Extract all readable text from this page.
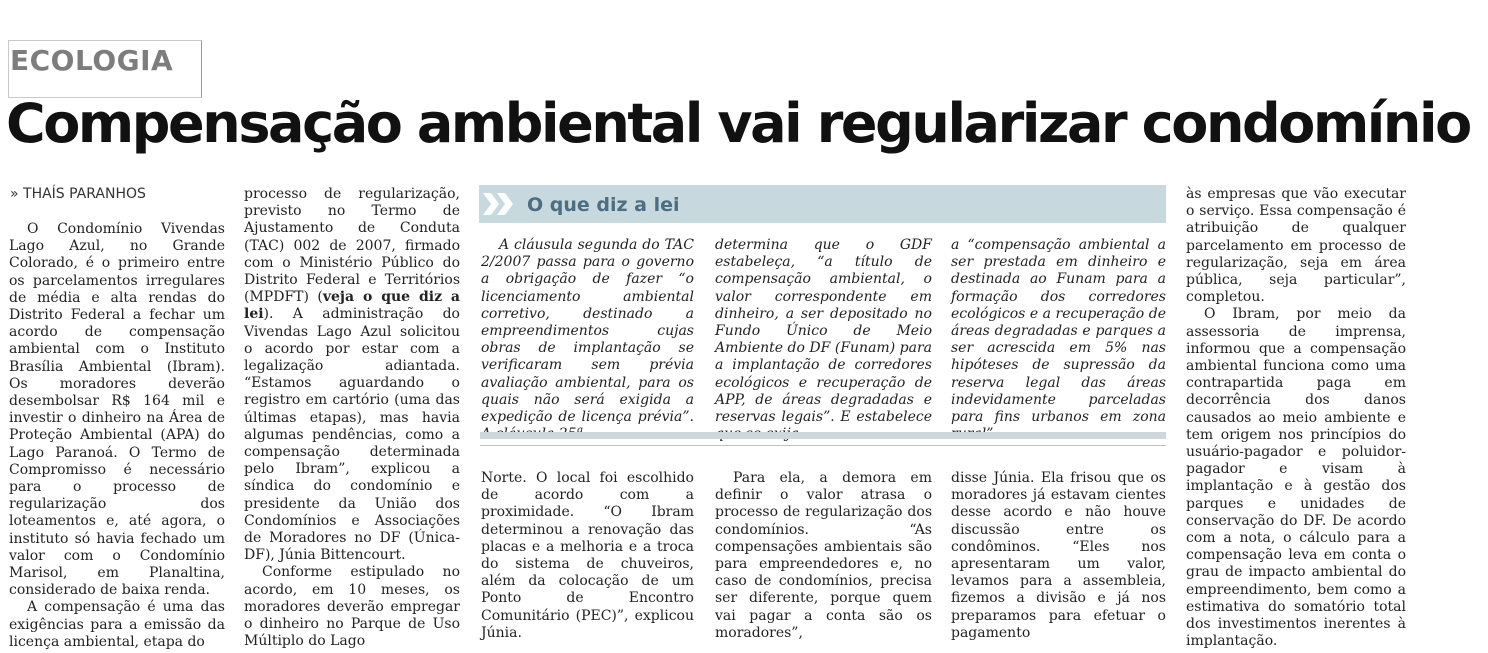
ECOLOGIA
Compensação ambiental vai regularizar condomínio
» THAÍS PARANHOS

O Condomínio Vivendas Lago Azul, no Grande Colorado, é o primeiro entre os parcelamentos irregulares de média e alta rendas do Distrito Federal a fechar um acordo de compensação ambiental com o Instituto Brasília Ambiental (Ibram). Os moradores deverão desembolsar R$ 164 mil e investir o dinheiro na Área de Proteção Ambiental (APA) do Lago Paranoá. O Termo de Compromisso é necessário para o processo de regularização dos loteamentos e, até agora, o instituto só havia fechado um valor com o Condomínio Marisol, em Planaltina, considerado de baixa renda.

A compensação é uma das exigências para a emissão da licença ambiental, etapa do

processo de regularização, previsto no Termo de Ajustamento de Conduta (TAC) 002 de 2007, firmado com o Ministério Público do Distrito Federal e Territórios (MPDFT) (veja o que diz a lei). A administração do Vivendas Lago Azul solicitou o acordo por estar com a legalização adiantada. “Estamos aguardando o registro em cartório (uma das últimas etapas), mas havia algumas pendências, como a compensação determinada pelo Ibram”, explicou a síndica do condomínio e presidente da União dos Condomínios e Associações de Moradores no DF (Única-DF), Júnia Bittencourt.

Conforme estipulado no acordo, em 10 meses, os moradores deverão empregar o dinheiro no Parque de Uso Múltiplo do Lago

O que diz a lei

A cláusula segunda do TAC 2/2007 passa para o governo a obrigação de fazer “o licenciamento ambiental corretivo, destinado a empreendimentos cujas obras de implantação se verificaram sem prévia avaliação ambiental, para os quais não será exigida a expedição de licença prévia”.

determina que o GDF estabeleça, “a título de compensação ambiental, o valor correspondente em dinheiro, a ser depositado no Fundo Único de Meio Ambiente do DF (Funam) para a implantação de corredores ecológicos e recuperação de APP, de áreas degradadas e reservas legais”. E estabelece

a “compensação ambiental a ser prestada em dinheiro e destinada ao Funam para a formação dos corredores ecológicos e a recuperação de áreas degradadas e parques a ser acrescida em 5% nas hipóteses de supressão da reserva legal das áreas indevidamente parceladas para fins urbanos em zona

Norte. O local foi escolhido de acordo com a proximidade. “O Ibram determinou a renovação das placas e a melhoria e a troca do sistema de chuveiros, além da colocação de um Ponto de Encontro Comunitário (PEC)”, explicou Júnia.

Para ela, a demora em definir o valor atrasa o processo de regularização dos condomínios. “As compensações ambientais são para empreendedores e, no caso de condomínios, precisa ser diferente, porque quem vai pagar a conta são os moradores”,

disse Júnia. Ela frisou que os moradores já estavam cientes desse acordo e não houve discussão entre os condôminos. “Eles nos apresentaram um valor, levamos para a assembleia, fizemos a divisão e já nos preparamos para efetuar o pagamento

às empresas que vão executar o serviço. Essa compensação é atribuição de qualquer parcelamento em processo de regularização, seja em área pública, seja particular”, completou.

O Ibram, por meio da assessoria de imprensa, informou que a compensação ambiental funciona como uma contrapartida paga em decorrência dos danos causados ao meio ambiente e tem origem nos princípios do usuário-pagador e poluidor-pagador e visam à implantação e à gestão dos parques e unidades de conservação do DF. De acordo com a nota, o cálculo para a compensação leva em conta o grau de impacto ambiental do empreendimento, bem como a estimativa do somatório total dos investimentos inerentes à implantação.
